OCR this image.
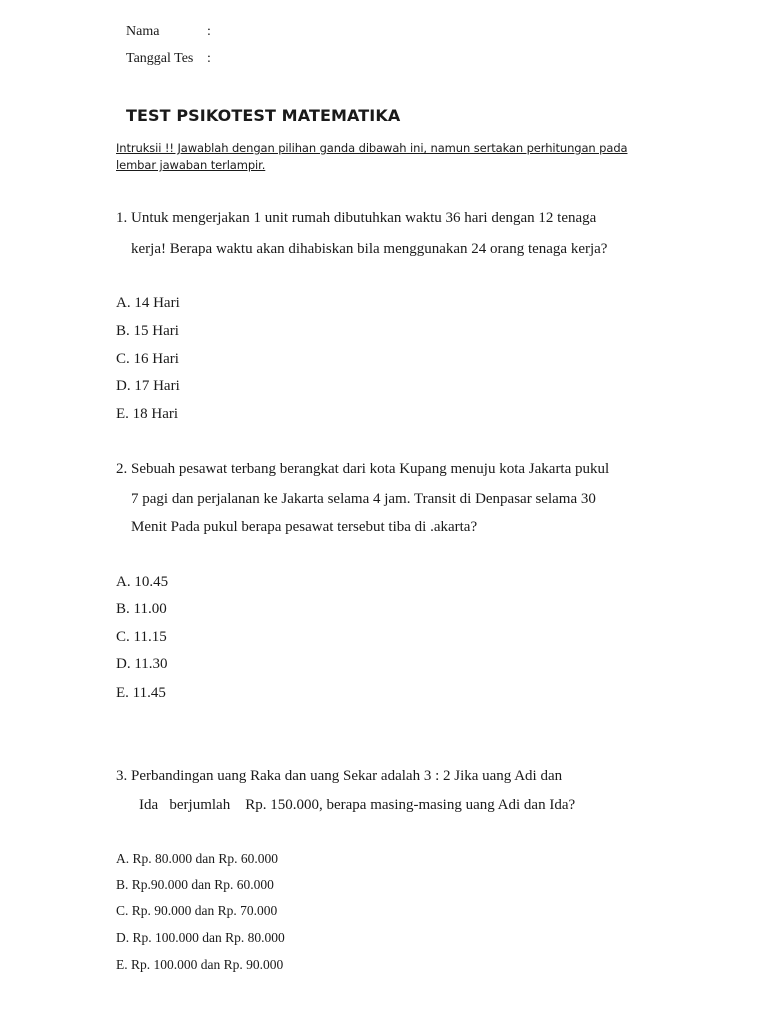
Nama	:
Tanggal Tes :
TEST PSIKOTEST MATEMATIKA
Intruksii !! Jawablah dengan pilihan ganda dibawah ini, namun sertakan perhitungan pada
lembar jawaban terlampir.
1. Untuk mengerjakan 1 unit rumah dibutuhkan waktu 36 hari dengan 12 tenaga
kerja! Berapa waktu akan dihabiskan bila menggunakan 24 orang tenaga kerja?
A. 14 Hari
B. 15 Hari
C. 16 Hari
D. 17 Hari
E. 18 Hari
2. Sebuah pesawat terbang berangkat dari kota Kupang menuju kota Jakarta pukul
7 pagi dan perjalanan ke Jakarta selama 4 jam. Transit di Denpasar selama 30
Menit Pada pukul berapa pesawat tersebut tiba di .akarta?
A. 10.45
B. 11.00
C. 11.15
D. 11.30
E. 11.45
3. Perbandingan uang Raka dan uang Sekar adalah 3 : 2 Jika uang Adi dan
Ida   berjumlah    Rp. 150.000, berapa masing-masing uang Adi dan Ida?
A. Rp. 80.000 dan Rp. 60.000
B. Rp.90.000 dan Rp. 60.000
C. Rp. 90.000 dan Rp. 70.000
D. Rp. 100.000 dan Rp. 80.000
E. Rp. 100.000 dan Rp. 90.000
